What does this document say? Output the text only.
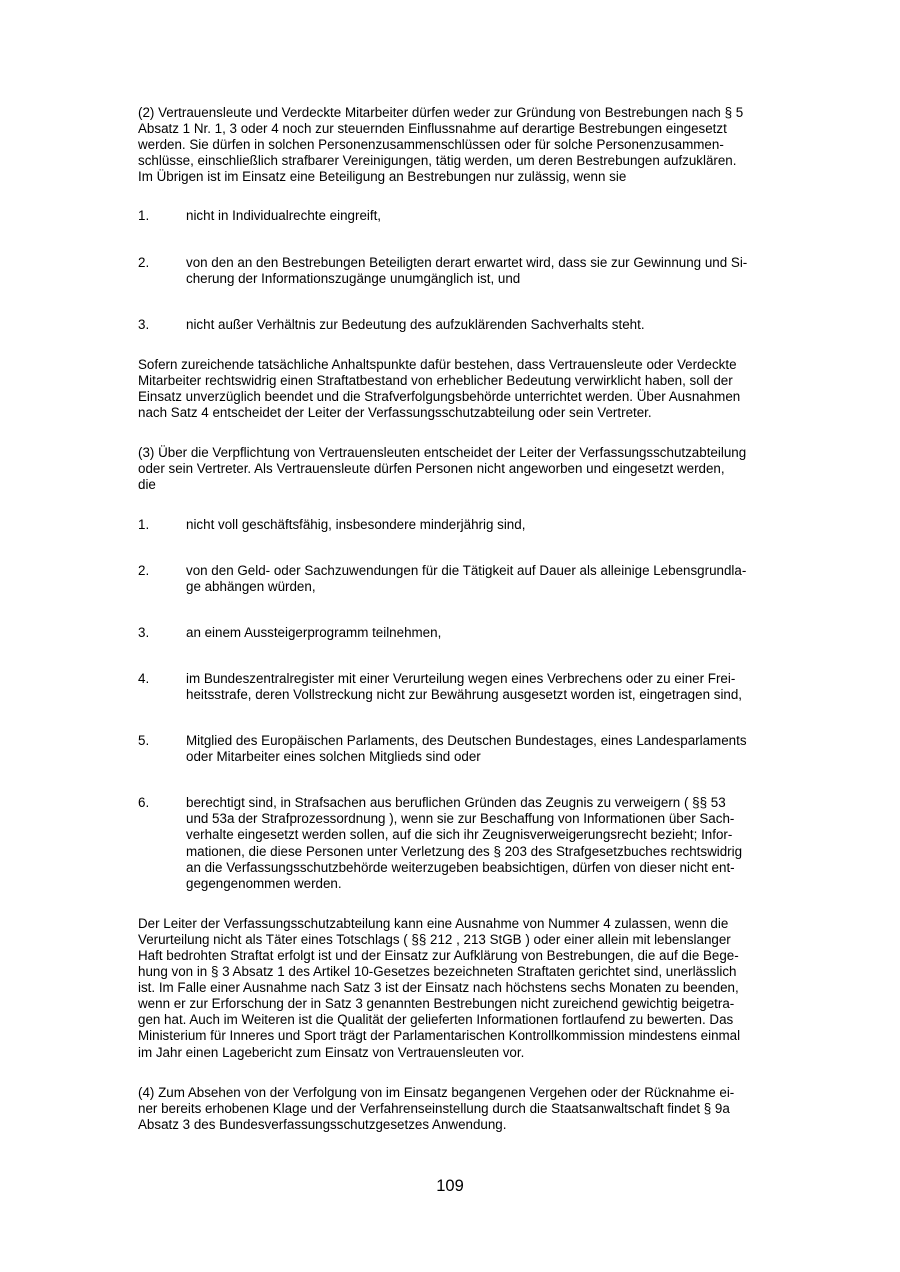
(2) Vertrauensleute und Verdeckte Mitarbeiter dürfen weder zur Gründung von Bestrebungen nach § 5
Absatz 1 Nr. 1, 3 oder 4 noch zur steuernden Einflussnahme auf derartige Bestrebungen eingesetzt
werden. Sie dürfen in solchen Personenzusammenschlüssen oder für solche Personenzusammen-
schlüsse, einschließlich strafbarer Vereinigungen, tätig werden, um deren Bestrebungen aufzuklären.
Im Übrigen ist im Einsatz eine Beteiligung an Bestrebungen nur zulässig, wenn sie

1.	nicht in Individualrechte eingreift,
2.	von den an den Bestrebungen Beteiligten derart erwartet wird, dass sie zur Gewinnung und Si-
cherung der Informationszugänge unumgänglich ist, und
3.	nicht außer Verhältnis zur Bedeutung des aufzuklärenden Sachverhalts steht.

Sofern zureichende tatsächliche Anhaltspunkte dafür bestehen, dass Vertrauensleute oder Verdeckte
Mitarbeiter rechtswidrig einen Straftatbestand von erheblicher Bedeutung verwirklicht haben, soll der
Einsatz unverzüglich beendet und die Strafverfolgungsbehörde unterrichtet werden. Über Ausnahmen
nach Satz 4 entscheidet der Leiter der Verfassungsschutzabteilung oder sein Vertreter.

(3) Über die Verpflichtung von Vertrauensleuten entscheidet der Leiter der Verfassungsschutzabteilung
oder sein Vertreter. Als Vertrauensleute dürfen Personen nicht angeworben und eingesetzt werden,
die

1.	nicht voll geschäftsfähig, insbesondere minderjährig sind,
2.	von den Geld- oder Sachzuwendungen für die Tätigkeit auf Dauer als alleinige Lebensgrundla-
ge abhängen würden,
3.	an einem Aussteigerprogramm teilnehmen,
4.	im Bundeszentralregister mit einer Verurteilung wegen eines Verbrechens oder zu einer Frei-
heitsstrafe, deren Vollstreckung nicht zur Bewährung ausgesetzt worden ist, eingetragen sind,
5.	Mitglied des Europäischen Parlaments, des Deutschen Bundestages, eines Landesparlaments
oder Mitarbeiter eines solchen Mitglieds sind oder
6.	berechtigt sind, in Strafsachen aus beruflichen Gründen das Zeugnis zu verweigern ( §§ 53
und 53a der Strafprozessordnung ), wenn sie zur Beschaffung von Informationen über Sach-
verhalte eingesetzt werden sollen, auf die sich ihr Zeugnisverweigerungsrecht bezieht; Infor-
mationen, die diese Personen unter Verletzung des § 203 des Strafgesetzbuches rechtswidrig
an die Verfassungsschutzbehörde weiterzugeben beabsichtigen, dürfen von dieser nicht ent-
gegengenommen werden.

Der Leiter der Verfassungsschutzabteilung kann eine Ausnahme von Nummer 4 zulassen, wenn die
Verurteilung nicht als Täter eines Totschlags ( §§ 212 , 213 StGB ) oder einer allein mit lebenslanger
Haft bedrohten Straftat erfolgt ist und der Einsatz zur Aufklärung von Bestrebungen, die auf die Bege-
hung von in § 3 Absatz 1 des Artikel 10-Gesetzes bezeichneten Straftaten gerichtet sind, unerlässlich
ist. Im Falle einer Ausnahme nach Satz 3 ist der Einsatz nach höchstens sechs Monaten zu beenden,
wenn er zur Erforschung der in Satz 3 genannten Bestrebungen nicht zureichend gewichtig beigetra-
gen hat. Auch im Weiteren ist die Qualität der gelieferten Informationen fortlaufend zu bewerten. Das
Ministerium für Inneres und Sport trägt der Parlamentarischen Kontrollkommission mindestens einmal
im Jahr einen Lagebericht zum Einsatz von Vertrauensleuten vor.

(4) Zum Absehen von der Verfolgung von im Einsatz begangenen Vergehen oder der Rücknahme ei-
ner bereits erhobenen Klage und der Verfahrenseinstellung durch die Staatsanwaltschaft findet § 9a
Absatz 3 des Bundesverfassungsschutzgesetzes Anwendung.

109
